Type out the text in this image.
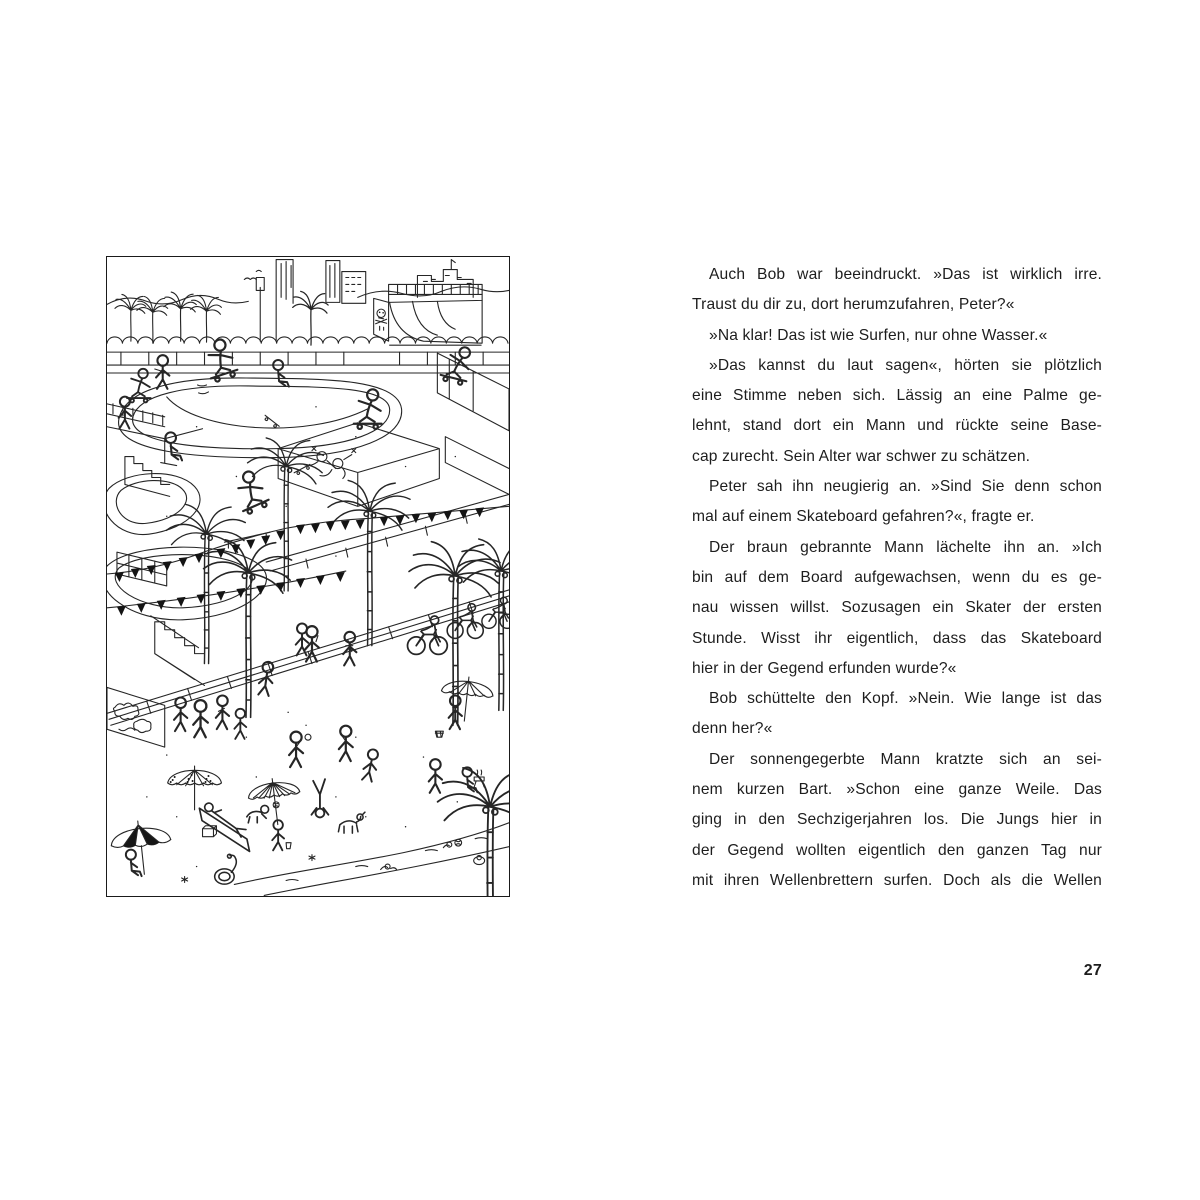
Auch Bob war beeindruckt. »Das ist wirklich irre.
Traust du dir zu, dort herumzufahren, Peter?«
»Na klar! Das ist wie Surfen, nur ohne Wasser.«
»Das kannst du laut sagen«, hörten sie plötzlich
eine Stimme neben sich. Lässig an eine Palme ge-
lehnt, stand dort ein Mann und rückte seine Base-
cap zurecht. Sein Alter war schwer zu schätzen.
Peter sah ihn neugierig an. »Sind Sie denn schon
mal auf einem Skateboard gefahren?«, fragte er.
Der braun gebrannte Mann lächelte ihn an. »Ich
bin auf dem Board aufgewachsen, wenn du es ge-
nau wissen willst. Sozusagen ein Skater der ersten
Stunde. Wisst ihr eigentlich, dass das Skateboard
hier in der Gegend erfunden wurde?«
Bob schüttelte den Kopf. »Nein. Wie lange ist das
denn her?«
Der sonnengegerbte Mann kratzte sich an sei-
nem kurzen Bart. »Schon eine ganze Weile. Das
ging in den Sechzigerjahren los. Die Jungs hier in
der Gegend wollten eigentlich den ganzen Tag nur
mit ihren Wellenbrettern surfen. Doch als die Wellen
27
